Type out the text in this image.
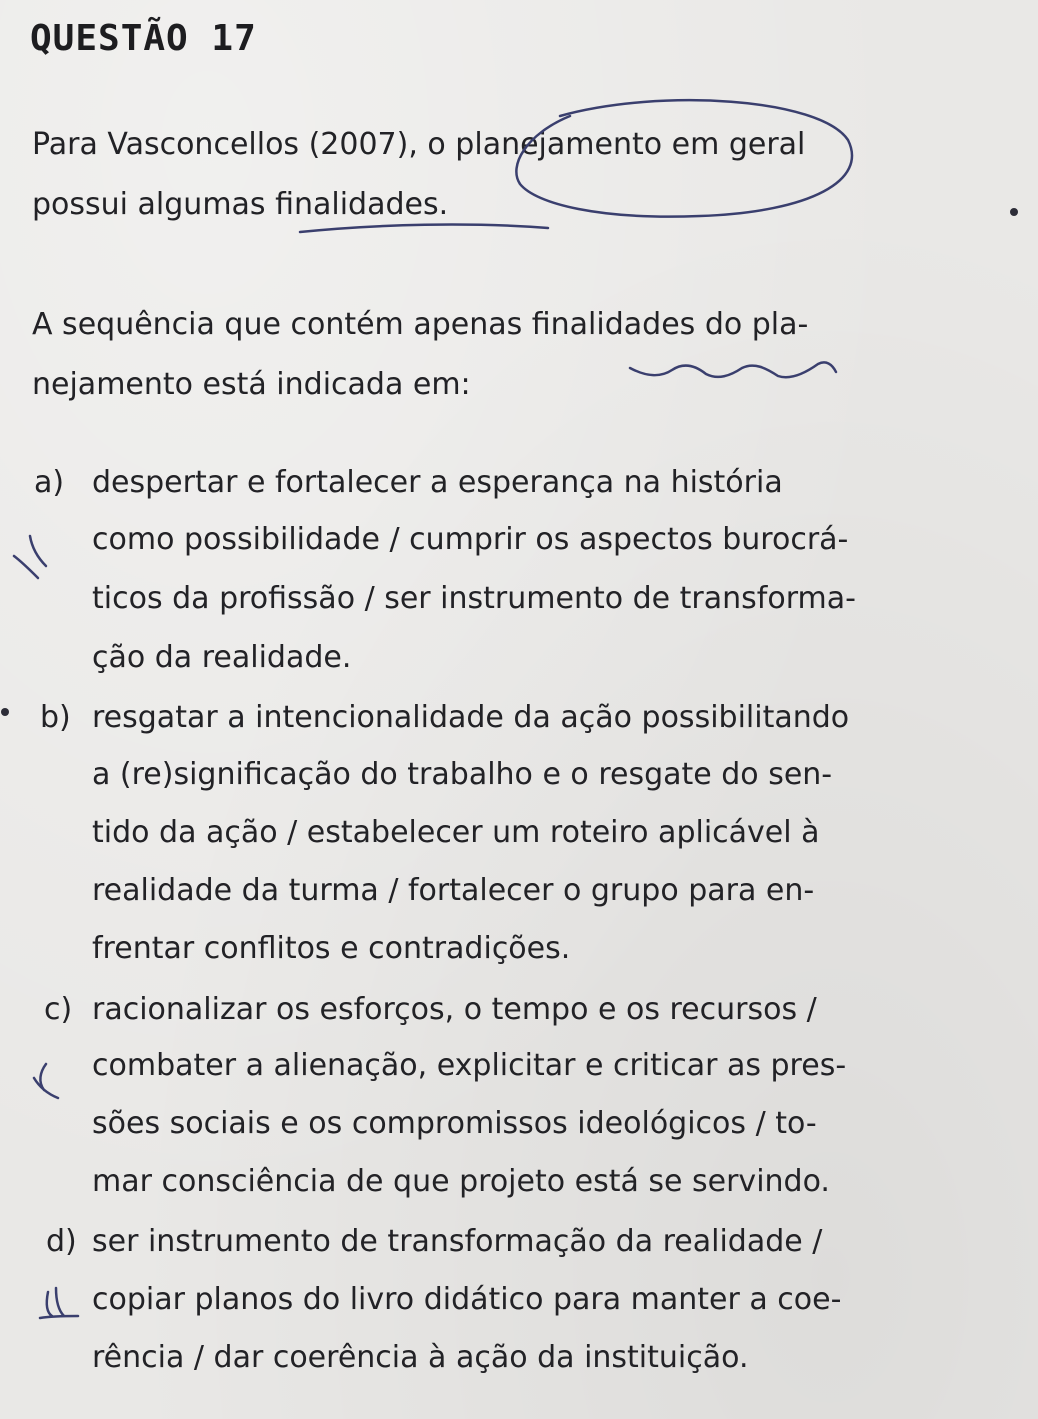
QUESTÃO 17
Para Vasconcellos (2007), o planejamento em geral
possui algumas finalidades.
A sequência que contém apenas finalidades do pla-
nejamento está indicada em:
a) despertar e fortalecer a esperança na história
como possibilidade / cumprir os aspectos burocrá-
ticos da profissão / ser instrumento de transforma-
ção da realidade.
b) resgatar a intencionalidade da ação possibilitando
a (re)significação do trabalho e o resgate do sen-
tido da ação / estabelecer um roteiro aplicável à
realidade da turma / fortalecer o grupo para en-
frentar conflitos e contradições.
c) racionalizar os esforços, o tempo e os recursos /
combater a alienação, explicitar e criticar as pres-
sões sociais e os compromissos ideológicos / to-
mar consciência de que projeto está se servindo.
d) ser instrumento de transformação da realidade /
copiar planos do livro didático para manter a coe-
rência / dar coerência à ação da instituição.
